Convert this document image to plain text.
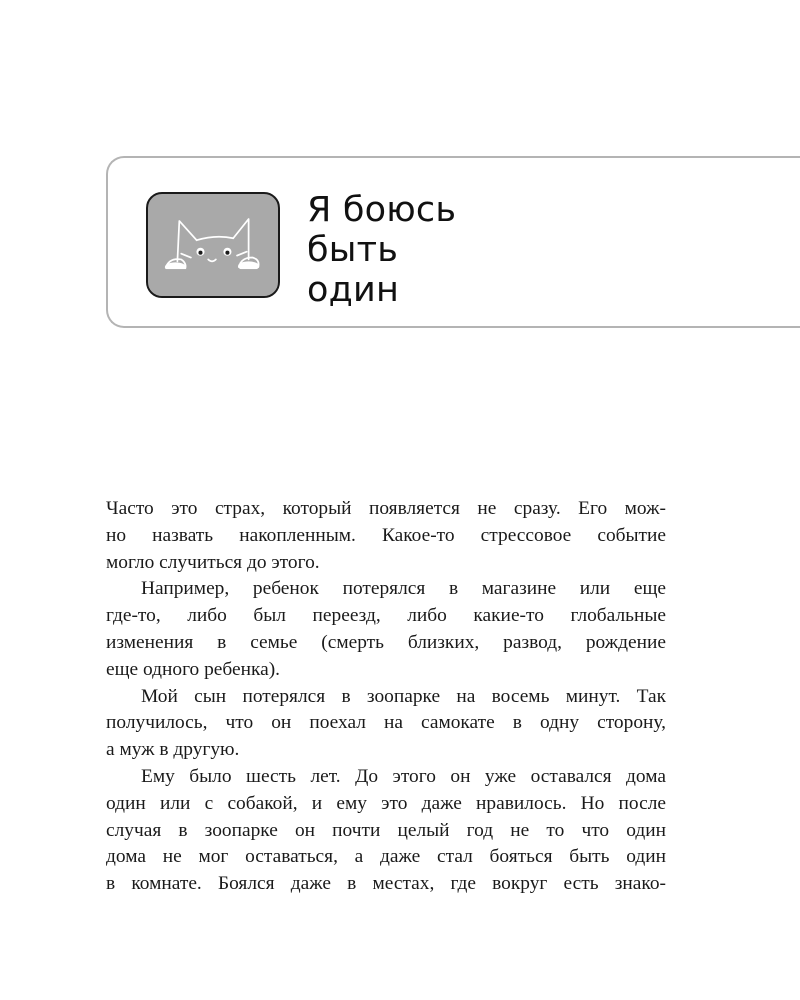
Я боюсь
быть
один

Часто это страх, который появляется не сразу. Его мож-
но назвать накопленным. Какое-то стрессовое событие
могло случиться до этого.

Например, ребенок потерялся в магазине или еще
где-то, либо был переезд, либо какие-то глобальные
изменения в семье (смерть близких, развод, рождение
еще одного ребенка).

Мой сын потерялся в зоопарке на восемь минут. Так
получилось, что он поехал на самокате в одну сторону,
а муж в другую.

Ему было шесть лет. До этого он уже оставался дома
один или с собакой, и ему это даже нравилось. Но после
случая в зоопарке он почти целый год не то что один
дома не мог оставаться, а даже стал бояться быть один
в комнате. Боялся даже в местах, где вокруг есть знако-
